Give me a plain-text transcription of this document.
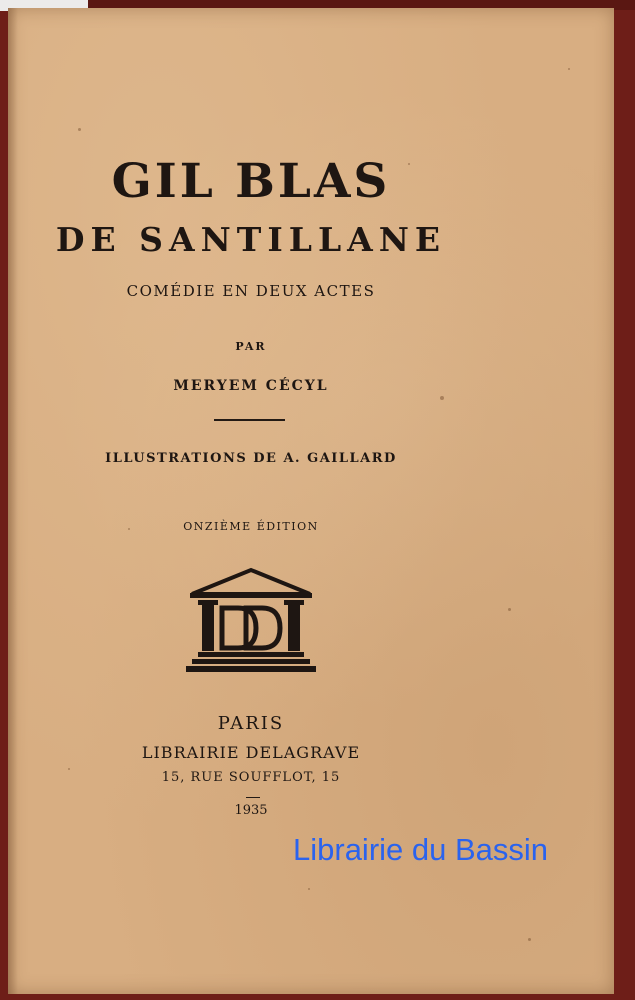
GIL BLAS

DE SANTILLANE

COMÉDIE EN DEUX ACTES

PAR

MERYEM CÉCYL

ILLUSTRATIONS DE A. GAILLARD

ONZIÈME ÉDITION

PARIS

LIBRAIRIE DELAGRAVE

15, RUE SOUFFLOT, 15

1935

Librairie du Bassin
